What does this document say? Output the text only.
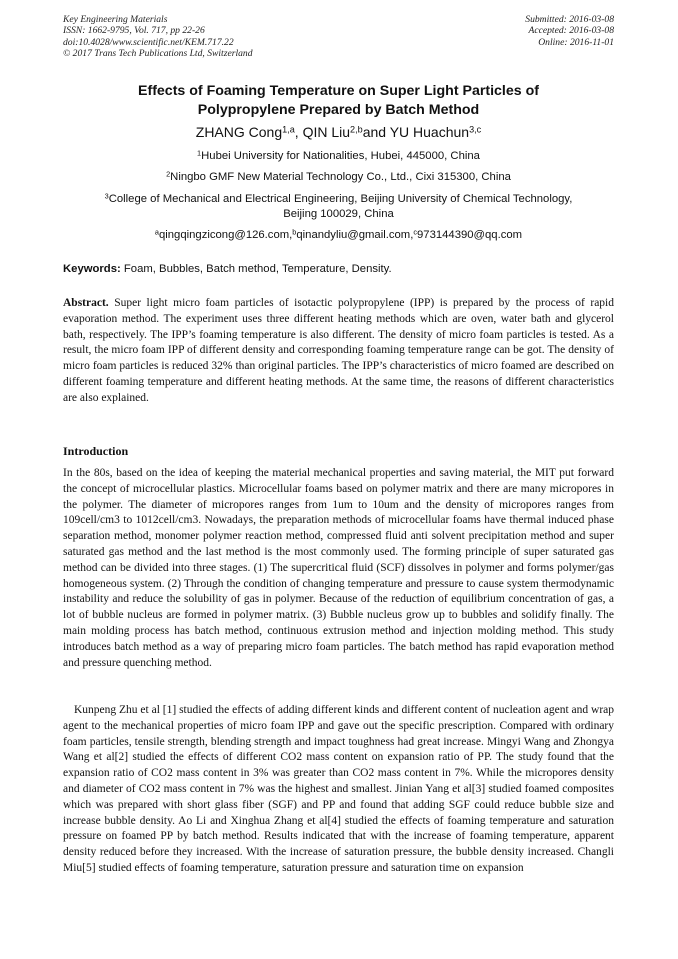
Key Engineering Materials
ISSN: 1662-9795, Vol. 717, pp 22-26
doi:10.4028/www.scientific.net/KEM.717.22
© 2017 Trans Tech Publications Ltd, Switzerland
Submitted: 2016-03-08
Accepted: 2016-03-08
Online: 2016-11-01
Effects of Foaming Temperature on Super Light Particles of
Polypropylene Prepared by Batch Method
ZHANG Cong$^{1,a}$, QIN Liu$^{2,b}$and YU Huachun$^{3,c}$
$^1$Hubei University for Nationalities, Hubei, 445000, China
$^2$Ningbo GMF New Material Technology Co., Ltd., Cixi 315300, China
$^3$College of Mechanical and Electrical Engineering, Beijing University of Chemical Technology,
Beijing 100029, China
$^a$qingqingzicong@126.com,$^b$qinandyliu@gmail.com,$^c$973144390@qq.com
Keywords: Foam, Bubbles, Batch method, Temperature, Density.

Abstract. Super light micro foam particles of isotactic polypropylene (IPP) is prepared by the process of rapid evaporation method. The experiment uses three different heating methods which are oven, water bath and glycerol bath, respectively. The IPP’s foaming temperature is also different. The density of micro foam particles is tested. As a result, the micro foam IPP of different density and corresponding foaming temperature range can be got. The density of micro foam particles is reduced 32% than original particles. The IPP’s characteristics of micro foamed are described on different foaming temperature and different heating methods. At the same time, the reasons of different characteristics are also explained.

Introduction

In the 80s, based on the idea of keeping the material mechanical properties and saving material, the MIT put forward the concept of microcellular plastics. Microcellular foams based on polymer matrix and there are many micropores in the polymer. The diameter of micropores ranges from 1um to 10um and the density of micropores ranges from 109cell/cm3 to 1012cell/cm3. Nowadays, the preparation methods of microcellular foams have thermal induced phase separation method, monomer polymer reaction method, compressed fluid anti solvent precipitation method and super saturated gas method and the last method is the most commonly used. The forming principle of super saturated gas method can be divided into three stages. (1) The supercritical fluid (SCF) dissolves in polymer and forms polymer/gas homogeneous system. (2) Through the condition of changing temperature and pressure to cause system thermodynamic instability and reduce the solubility of gas in polymer. Because of the reduction of equilibrium concentration of gas, a lot of bubble nucleus are formed in polymer matrix. (3) Bubble nucleus grow up to bubbles and solidify finally. The main molding process has batch method, continuous extrusion method and injection molding method. This study introduces batch method as a way of preparing micro foam particles. The batch method has rapid evaporation method and pressure quenching method.

Kunpeng Zhu et al [1] studied the effects of adding different kinds and different content of nucleation agent and wrap agent to the mechanical properties of micro foam IPP and gave out the specific prescription. Compared with ordinary foam particles, tensile strength, blending strength and impact toughness had great increase. Mingyi Wang and Zhongya Wang et al[2] studied the effects of different CO2 mass content on expansion ratio of PP. The study found that the expansion ratio of CO2 mass content in 3% was greater than CO2 mass content in 7%. While the micropores density and diameter of CO2 mass content in 7% was the highest and smallest. Jinian Yang et al[3] studied foamed composites which was prepared with short glass fiber (SGF) and PP and found that adding SGF could reduce bubble size and increase bubble density. Ao Li and Xinghua Zhang et al[4] studied the effects of foaming temperature and saturation pressure on foamed PP by batch method. Results indicated that with the increase of foaming temperature, apparent density reduced before they increased. With the increase of saturation pressure, the bubble density increased. Changli Miu[5] studied effects of foaming temperature, saturation pressure and saturation time on expansion
